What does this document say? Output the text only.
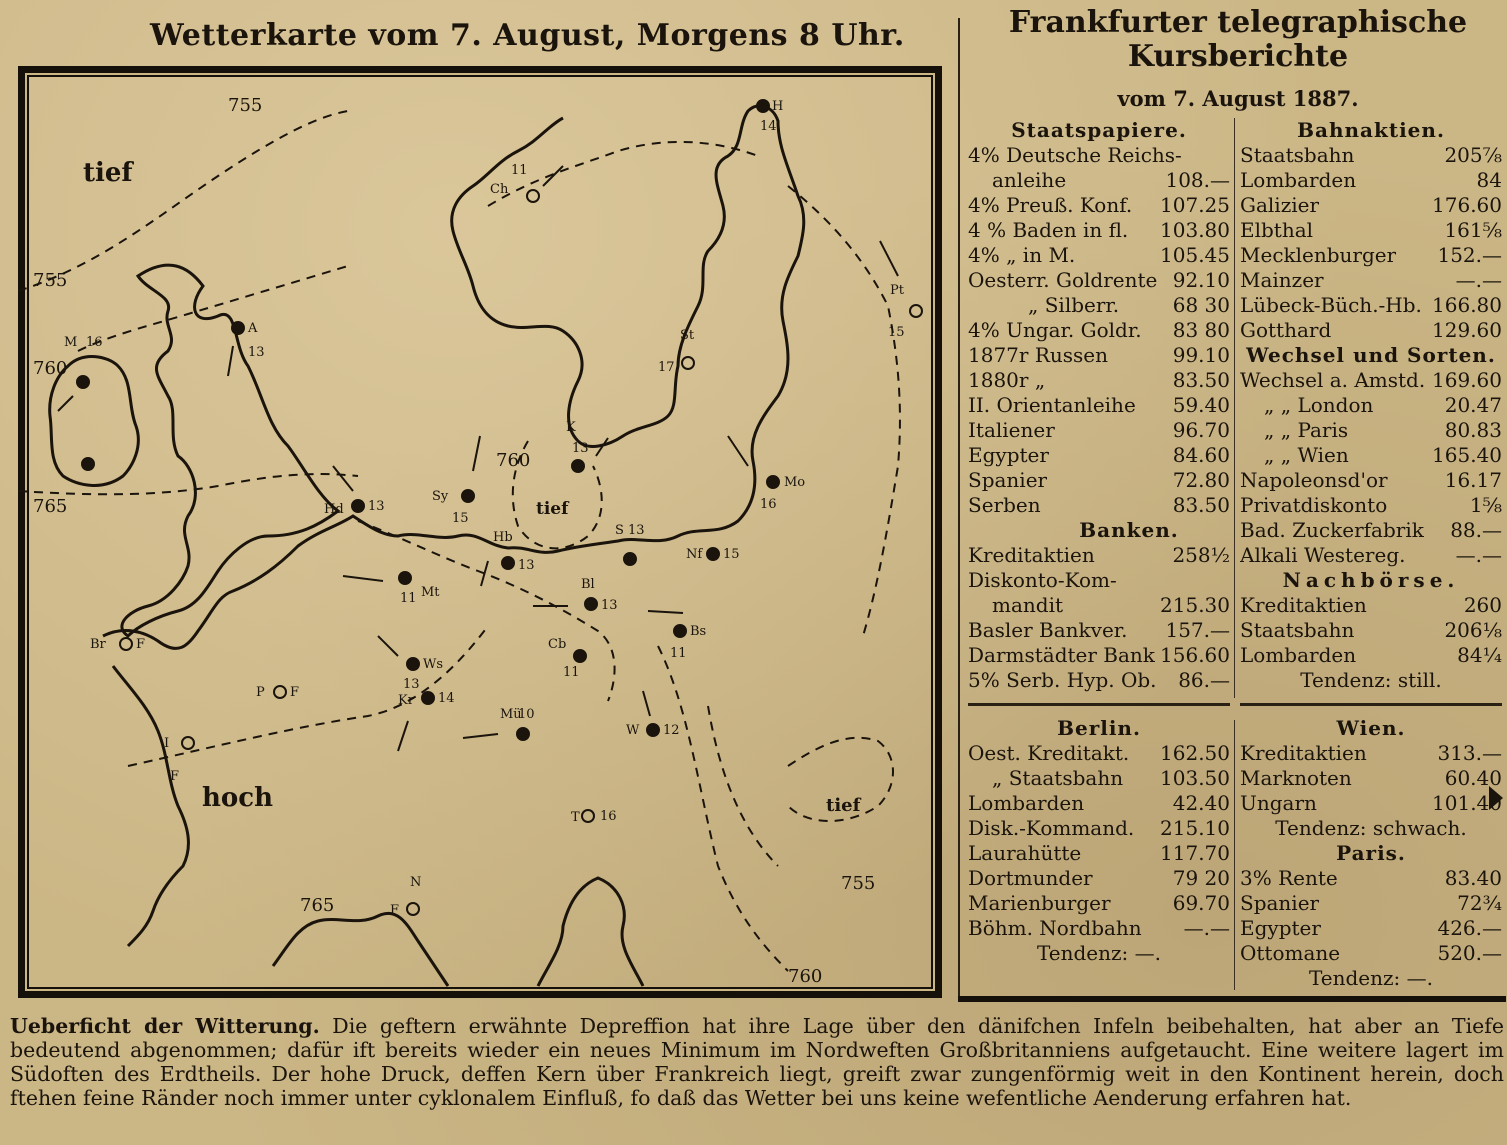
Wetterkarte vom 7. August, Morgens 8 Uhr.
755
755
760
765
760
765
755
760
tief
tief
hoch	tief
H
14
Ch
11
Pt
15
St
17
A
13
M 16
K
13
Mo
16
Hd 13
Sy
15
Hb
13
S 13
Nf 15
Mt
11
Bl
13
Br F
Bs
11
Cb
11
Ws
13
P F
Kr 14
Mü
10
W 12
I
F
T 16
N
F
Frankfurter telegraphische
Kursberichte
vom 7. August 1887.
Staatspapiere.
4% Deutsche Reichs-
anleihe	108.—
4% Preuß. Konf. 107.25
4 % Baden in fl. 103.80
4% „ in M.	105.45
Oesterr. Goldrente 92.10
„ Silberr.	68 30
4% Ungar. Goldr. 83 80
1877r Russen	99.10
1880r „	83.50
II. Orientanleihe 59.40
Italiener	96.70
Egypter	84.60
Spanier	72.80
Serben	83.50
Banken.
Kreditaktien	258½
Diskonto-Kom-
mandit	215.30
Basler Bankver. 157.—
Darmstädter Bank 156.60
5% Serb. Hyp. Ob. 86.—
Bahnaktien.
Staatsbahn	205⅞
Lombarden	84
Galizier	176.60
Elbthal	161⅝
Mecklenburger 152.—
Mainzer	—.—
Lübeck-Büch.-Hb. 166.80
Gotthard	129.60
Wechsel und Sorten.
Wechsel a. Amstd. 169.60
„ „ London	20.47
„ „ Paris	80.83
„ „ Wien	165.40
Napoleonsd'or	16.17
Privatdiskonto	1⅝
Bad. Zuckerfabrik 88.—
Alkali Westereg.	—.—
Nachbörse.
Kreditaktien	260
Staatsbahn	206⅛
Lombarden	84¼
Tendenz: still.
Berlin.
Oest. Kreditakt. 162.50
„ Staatsbahn 103.50
Lombarden	42.40
Disk.-Kommand. 215.10
Laurahütte	117.70
Dortmunder	79 20
Marienburger	69.70
Böhm. Nordbahn —.—
Tendenz: —.
Wien.
Kreditaktien	313.—
Marknoten	60.40
Ungarn	101.40
Tendenz: schwach.
Paris.
3% Rente	83.40
Spanier	72¾
Egypter	426.—
Ottomane	520.—
Tendenz: —.
Ueberficht der Witterung. Die geftern erwähnte Depreffion hat ihre Lage über den dänifchen Infeln beibehalten, hat aber an Tiefe bedeutend abgenommen; dafür ift bereits wieder ein neues Minimum im Nordweften Großbritanniens aufgetaucht. Eine weitere lagert im Südoften des Erdtheils. Der hohe Druck, deffen Kern über Frankreich liegt, greift zwar zungenförmig weit in den Kontinent herein, doch ftehen feine Ränder noch immer unter cyklonalem Einfluß, fo daß das Wetter bei uns keine wefentliche Aenderung erfahren hat.
